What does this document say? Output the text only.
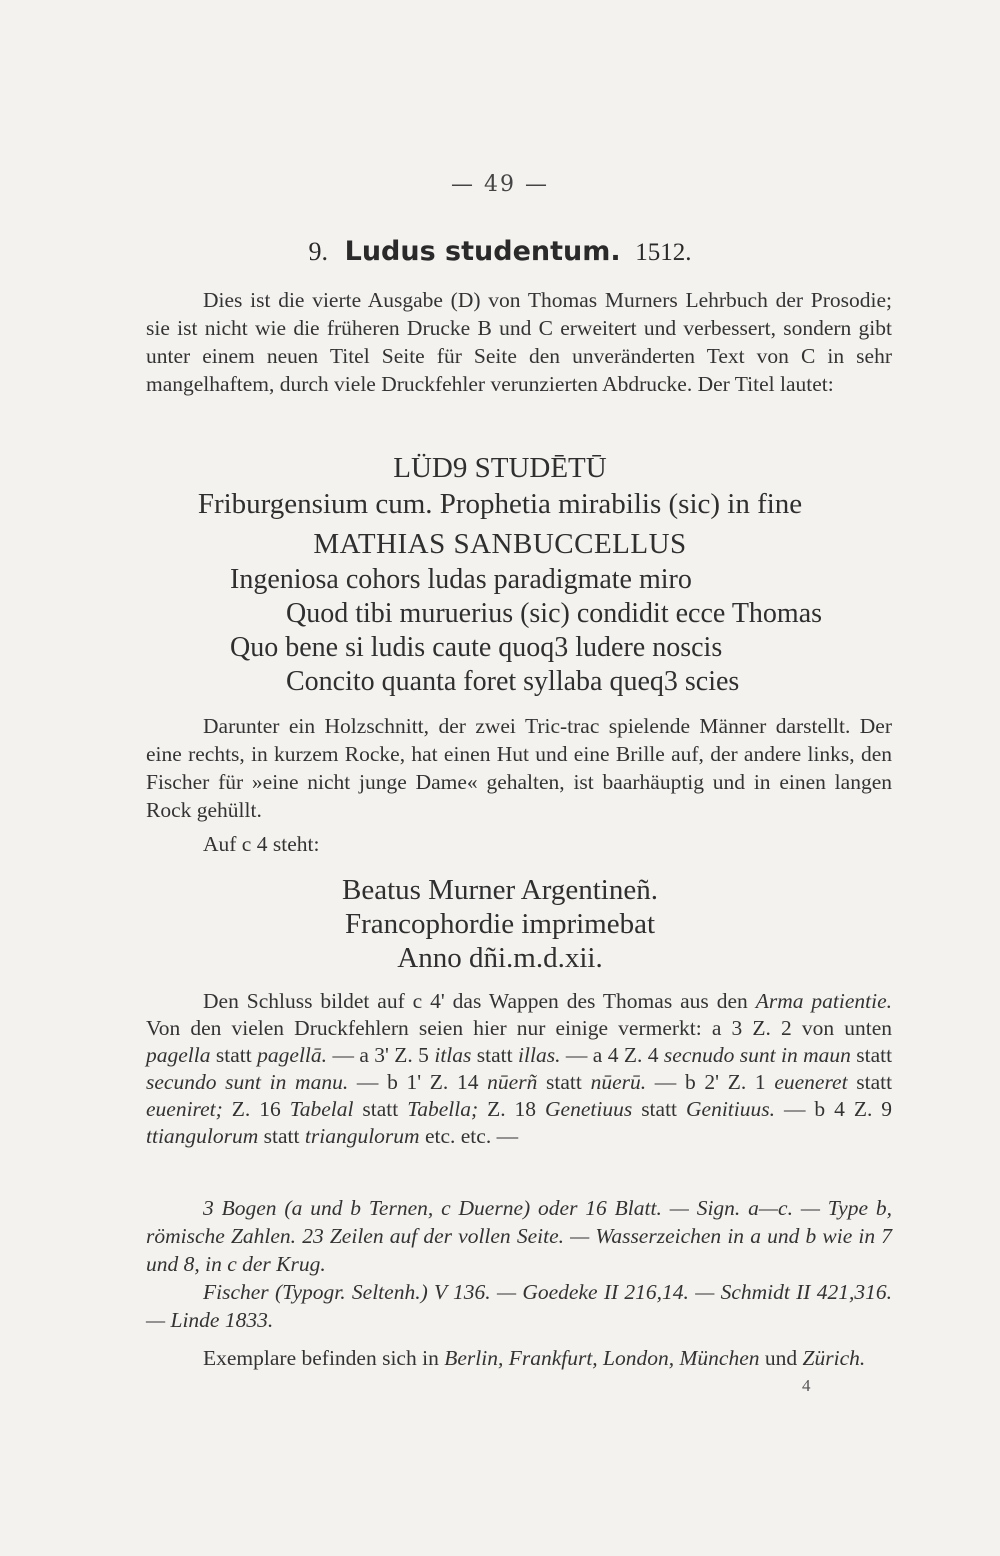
— 49 —
9. Ludus studentum. 1512.

Dies ist die vierte Ausgabe (D) von Thomas Murners Lehrbuch der Prosodie; sie ist nicht wie die früheren Drucke B und C erweitert und verbessert, sondern gibt unter einem neuen Titel Seite für Seite den unveränderten Text von C in sehr mangelhaftem, durch viele Druckfehler verunzierten Abdrucke. Der Titel lautet:

LÜD9 STUDĒTŪ
Friburgensium cum. Prophetia mirabilis (sic) in fine
MATHIAS SANBUCCELLUS
Ingeniosa cohors ludas paradigmate miro
Quod tibi muruerius (sic) condidit ecce Thomas
Quo bene si ludis caute quoq3 ludere noscis
Concito quanta foret syllaba queq3 scies

Darunter ein Holzschnitt, der zwei Tric-trac spielende Männer darstellt. Der eine rechts, in kurzem Rocke, hat einen Hut und eine Brille auf, der andere links, den Fischer für »eine nicht junge Dame« gehalten, ist baarhäuptig und in einen langen Rock gehüllt.

Auf c 4 steht:

Beatus Murner Argentineñ.
Francophordie imprimebat
Anno dñi.m.d.xii.

Den Schluss bildet auf c 4' das Wappen des Thomas aus den Arma patientie. Von den vielen Druckfehlern seien hier nur einige vermerkt: a 3 Z. 2 von unten pagella statt pagellā. — a 3' Z. 5 itlas statt illas. — a 4 Z. 4 secnudo sunt in maun statt secundo sunt in manu. — b 1' Z. 14 nūerñ statt nūerū. — b 2' Z. 1 eueneret statt eueniret; Z. 16 Tabelal statt Tabella; Z. 18 Genetiuus statt Genitiuus. — b 4 Z. 9 ttiangulorum statt triangulorum etc. etc. —

3 Bogen (a und b Ternen, c Duerne) oder 16 Blatt. — Sign. a—c. — Type b, römische Zahlen. 23 Zeilen auf der vollen Seite. — Wasserzeichen in a und b wie in 7 und 8, in c der Krug.

Fischer (Typogr. Seltenh.) V 136. — Goedeke II 216,14. — Schmidt II 421,316. — Linde 1833.

Exemplare befinden sich in Berlin, Frankfurt, London, München und Zürich.

4
